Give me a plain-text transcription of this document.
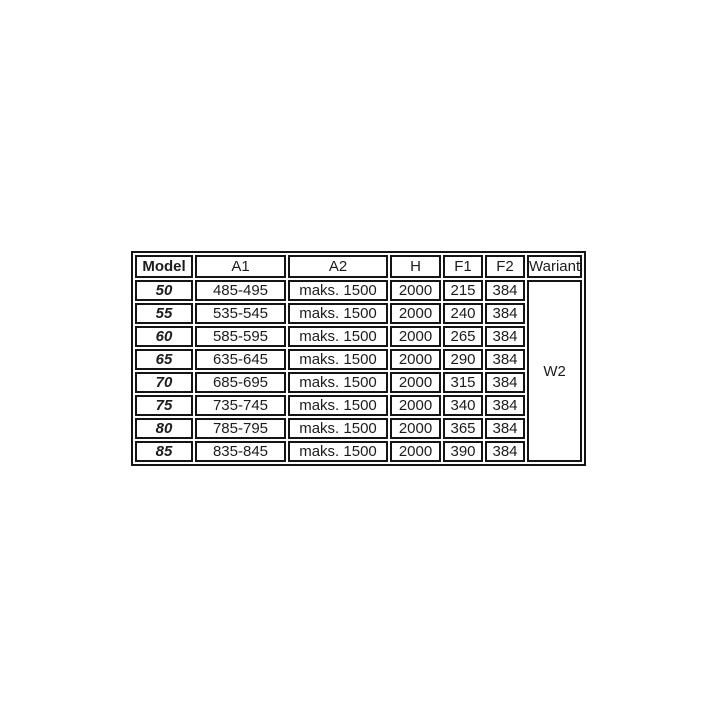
Model	A1	A2	H	F1	F2	Wariant
50	485-495	maks. 1500	2000	215	384	W2
55	535-545	maks. 1500	2000	240	384	
60	585-595	maks. 1500	2000	265	384	
65	635-645	maks. 1500	2000	290	384	
70	685-695	maks. 1500	2000	315	384	
75	735-745	maks. 1500	2000	340	384	
80	785-795	maks. 1500	2000	365	384	
85	835-845	maks. 1500	2000	390	384	
